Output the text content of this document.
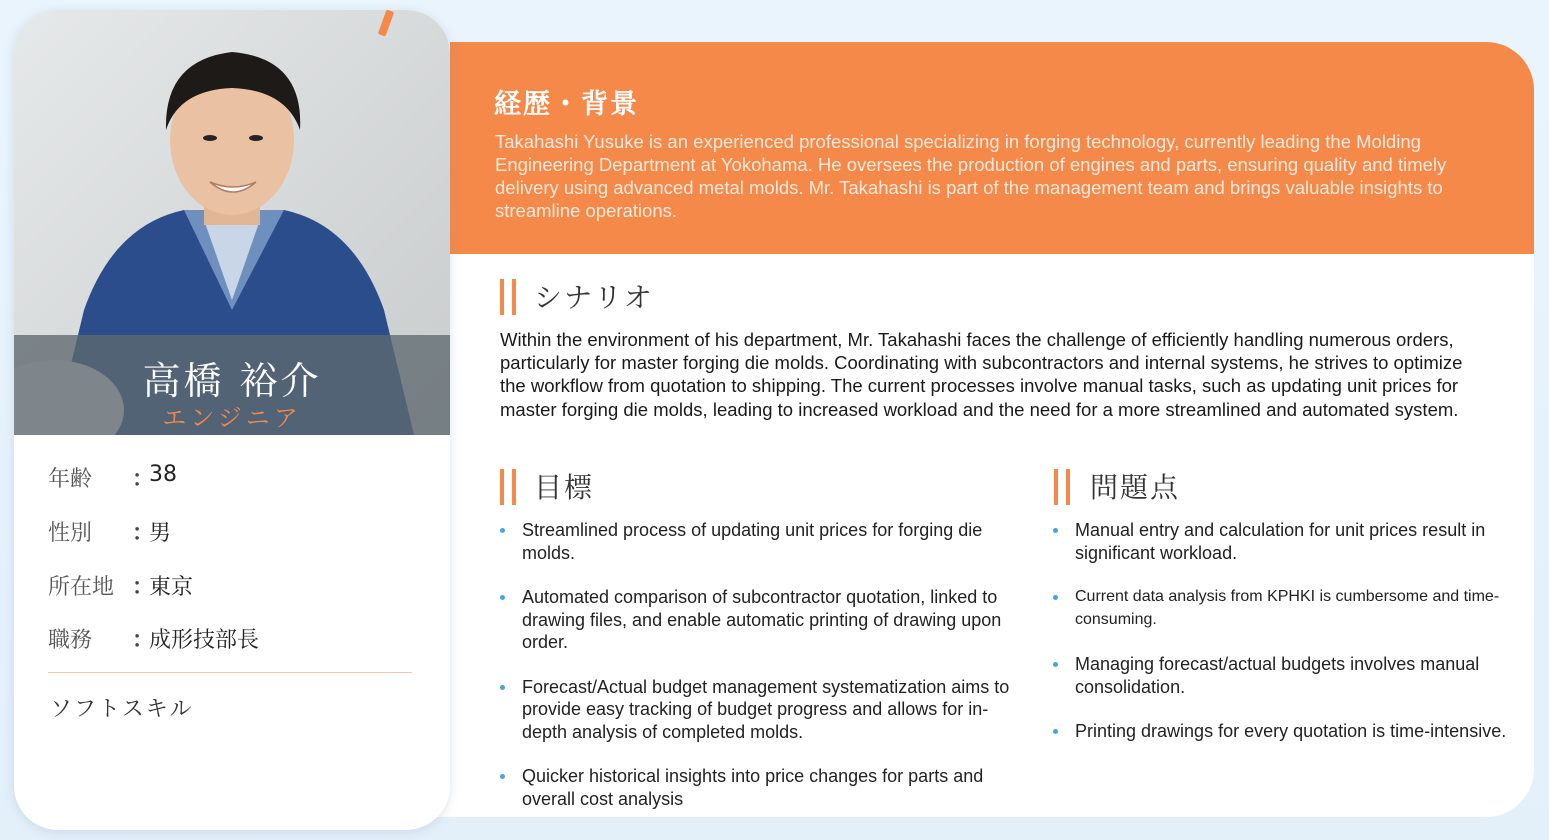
経歴・背景
Takahashi Yusuke is an experienced professional specializing in forging technology, currently leading the Molding Engineering Department at Yokohama. He oversees the production of engines and parts, ensuring quality and timely delivery using advanced metal molds. Mr. Takahashi is part of the management team and brings valuable insights to streamline operations.
シナリオ
Within the environment of his department, Mr. Takahashi faces the challenge of efficiently handling numerous orders, particularly for master forging die molds. Coordinating with subcontractors and internal systems, he strives to optimize the workflow from quotation to shipping. The current processes involve manual tasks, such as updating unit prices for master forging die molds, leading to increased workload and the need for a more streamlined and automated system.
目標
Streamlined process of updating unit prices for forging die molds.
Automated comparison of subcontractor quotation, linked to drawing files, and enable automatic printing of drawing upon order.
Forecast/Actual budget management systematization aims to provide easy tracking of budget progress and allows for in-depth analysis of completed molds.
Quicker historical insights into price changes for parts and overall cost analysis
問題点
Manual entry and calculation for unit prices result in significant workload.
Current data analysis from KPHKI is cumbersome and time-consuming.
Managing forecast/actual budgets involves manual consolidation.
Printing drawings for every quotation is time-intensive.
高橋 裕介
エンジニア
年齢 ：
38
性別 ：
男
所在地 ：
東京
職務 ：
成形技部長
ソフトスキル
